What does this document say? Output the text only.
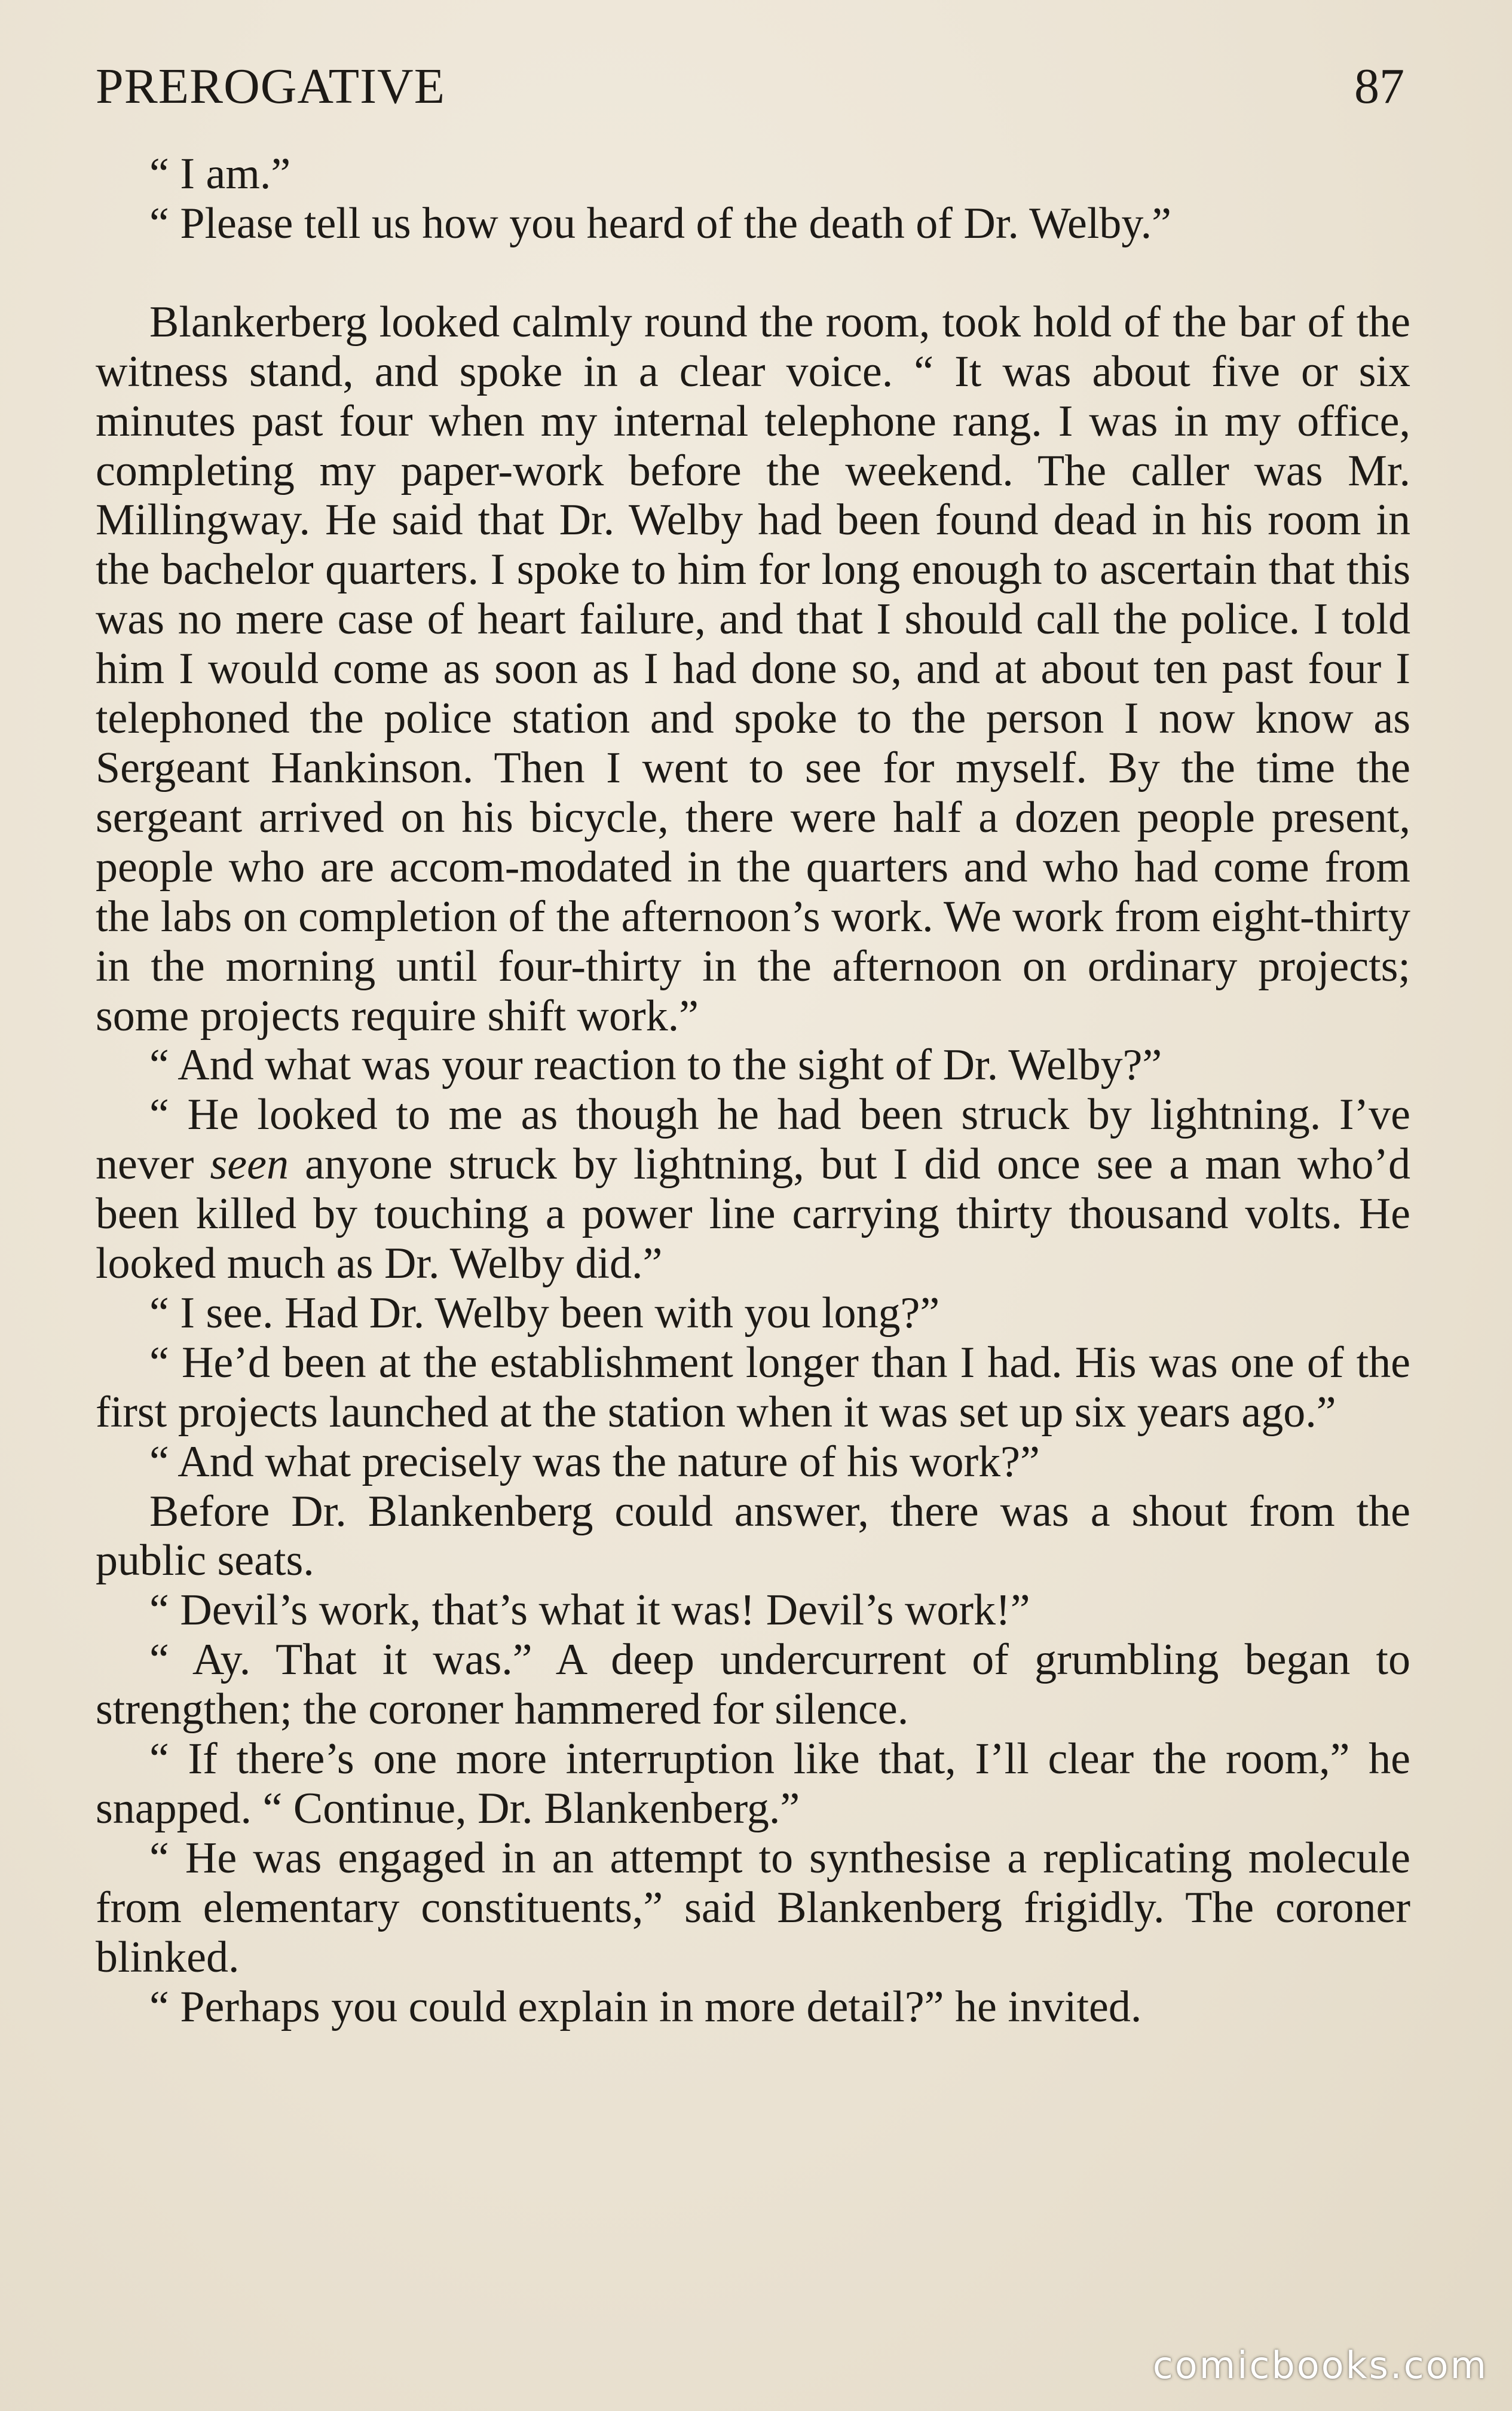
PREROGATIVE	87

“ I am.”

“ Please tell us how you heard of the death of Dr. Welby.”

Blankerberg looked calmly round the room, took hold of the bar of the witness stand, and spoke in a clear voice. “ It was about five or six minutes past four when my internal telephone rang. I was in my office, completing my paper-work before the weekend. The caller was Mr. Millingway. He said that Dr. Welby had been found dead in his room in the bachelor quarters. I spoke to him for long enough to ascertain that this was no mere case of heart failure, and that I should call the police. I told him I would come as soon as I had done so, and at about ten past four I telephoned the police station and spoke to the person I now know as Sergeant Hankinson. Then I went to see for myself. By the time the sergeant arrived on his bicycle, there were half a dozen people present, people who are accom-modated in the quarters and who had come from the labs on completion of the afternoon’s work. We work from eight-thirty in the morning until four-thirty in the afternoon on ordinary projects; some projects require shift work.”

“ And what was your reaction to the sight of Dr. Welby?”

“ He looked to me as though he had been struck by lightning. I’ve never seen anyone struck by lightning, but I did once see a man who’d been killed by touching a power line carrying thirty thousand volts. He looked much as Dr. Welby did.”

“ I see. Had Dr. Welby been with you long?”

“ He’d been at the establishment longer than I had. His was one of the first projects launched at the station when it was set up six years ago.”

“ And what precisely was the nature of his work?”

Before Dr. Blankenberg could answer, there was a shout from the public seats.

“ Devil’s work, that’s what it was! Devil’s work!”

“ Ay. That it was.” A deep undercurrent of grumbling began to strengthen; the coroner hammered for silence.

“ If there’s one more interruption like that, I’ll clear the room,” he snapped. “ Continue, Dr. Blankenberg.”

“ He was engaged in an attempt to synthesise a replicating molecule from elementary constituents,” said Blankenberg frigidly. The coroner blinked.

“ Perhaps you could explain in more detail?” he invited.

comicbooks.com
